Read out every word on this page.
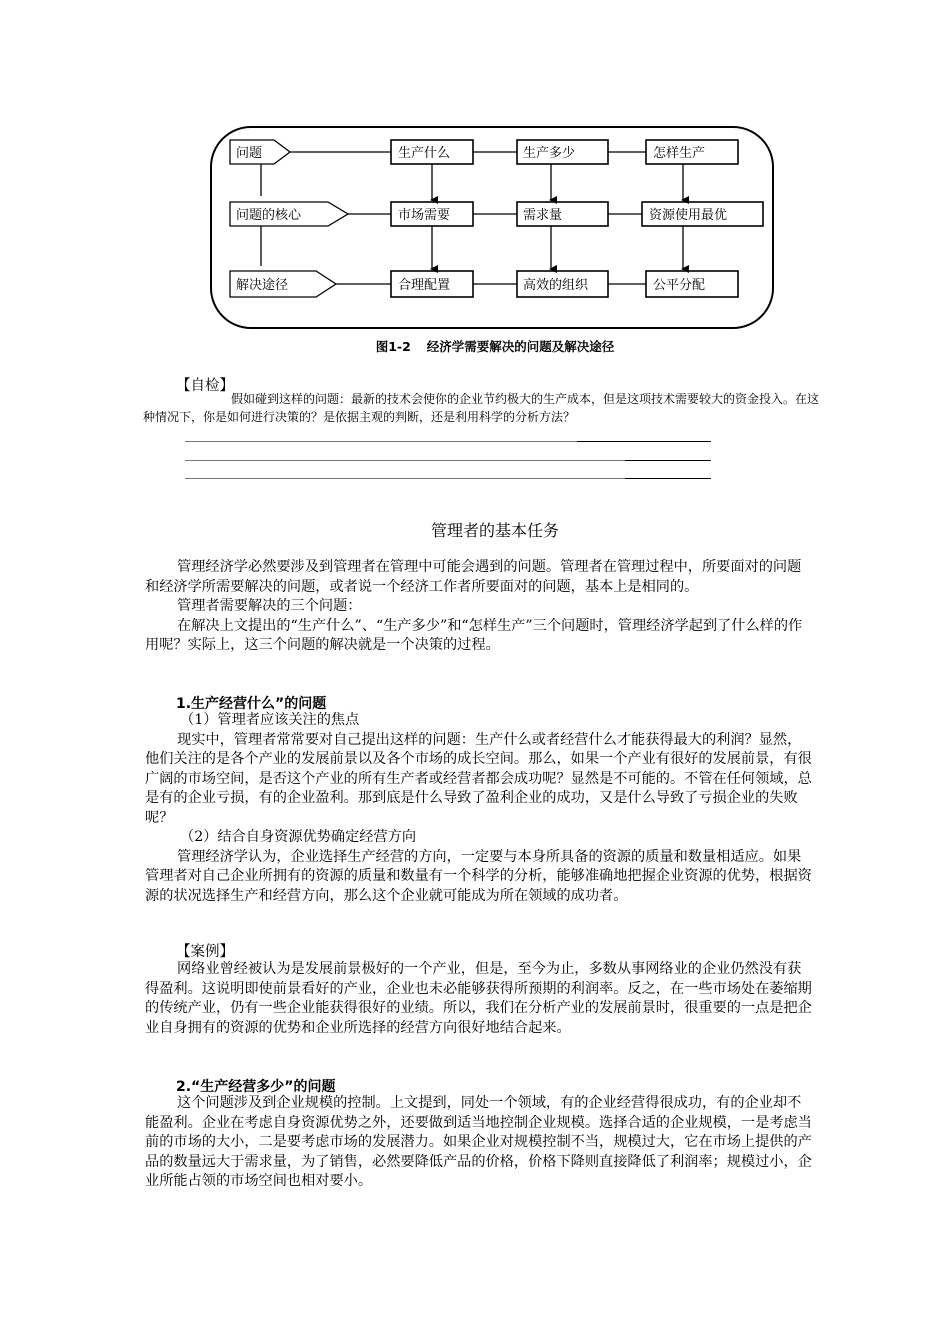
问题
问题的核心
解决途径
生产什么	生产多少	怎样生产
市场需要	需求量	资源使用最优
合理配置	高效的组织	公平分配
图1-2 经济学需要解决的问题及解决途径
【自检】

假如碰到这样的问题：最新的技术会使你的企业节约极大的生产成本，但是这项技术需要较大的资金投入。在这种情况下，你是如何进行决策的？是依据主观的判断，还是利用科学的分析方法？

管理者的基本任务

管理经济学必然要涉及到管理者在管理中可能会遇到的问题。管理者在管理过程中，所要面对的问题和经济学所需要解决的问题，或者说一个经济工作者所要面对的问题，基本上是相同的。

管理者需要解决的三个问题：

在解决上文提出的“生产什么”、“生产多少”和“怎样生产”三个问题时，管理经济学起到了什么样的作用呢？实际上，这三个问题的解决就是一个决策的过程。

1.生产经营什么”的问题

（1）管理者应该关注的焦点

现实中，管理者常常要对自己提出这样的问题：生产什么或者经营什么才能获得最大的利润？显然，他们关注的是各个产业的发展前景以及各个市场的成长空间。那么，如果一个产业有很好的发展前景，有很广阔的市场空间，是否这个产业的所有生产者或经营者都会成功呢？显然是不可能的。不管在任何领域，总是有的企业亏损，有的企业盈利。那到底是什么导致了盈利企业的成功，又是什么导致了亏损企业的失败呢？

（2）结合自身资源优势确定经营方向

管理经济学认为，企业选择生产经营的方向，一定要与本身所具备的资源的质量和数量相适应。如果管理者对自己企业所拥有的资源的质量和数量有一个科学的分析，能够准确地把握企业资源的优势，根据资源的状况选择生产和经营方向，那么这个企业就可能成为所在领域的成功者。

【案例】

网络业曾经被认为是发展前景极好的一个产业，但是，至今为止，多数从事网络业的企业仍然没有获得盈利。这说明即使前景看好的产业，企业也未必能够获得所预期的利润率。反之，在一些市场处在萎缩期的传统产业，仍有一些企业能获得很好的业绩。所以，我们在分析产业的发展前景时，很重要的一点是把企业自身拥有的资源的优势和企业所选择的经营方向很好地结合起来。

2.“生产经营多少”的问题

这个问题涉及到企业规模的控制。上文提到，同处一个领域，有的企业经营得很成功，有的企业却不能盈利。企业在考虑自身资源优势之外，还要做到适当地控制企业规模。选择合适的企业规模，一是考虑当前的市场的大小，二是要考虑市场的发展潜力。如果企业对规模控制不当，规模过大，它在市场上提供的产品的数量远大于需求量，为了销售，必然要降低产品的价格，价格下降则直接降低了利润率；规模过小，企业所能占领的市场空间也相对要小。
